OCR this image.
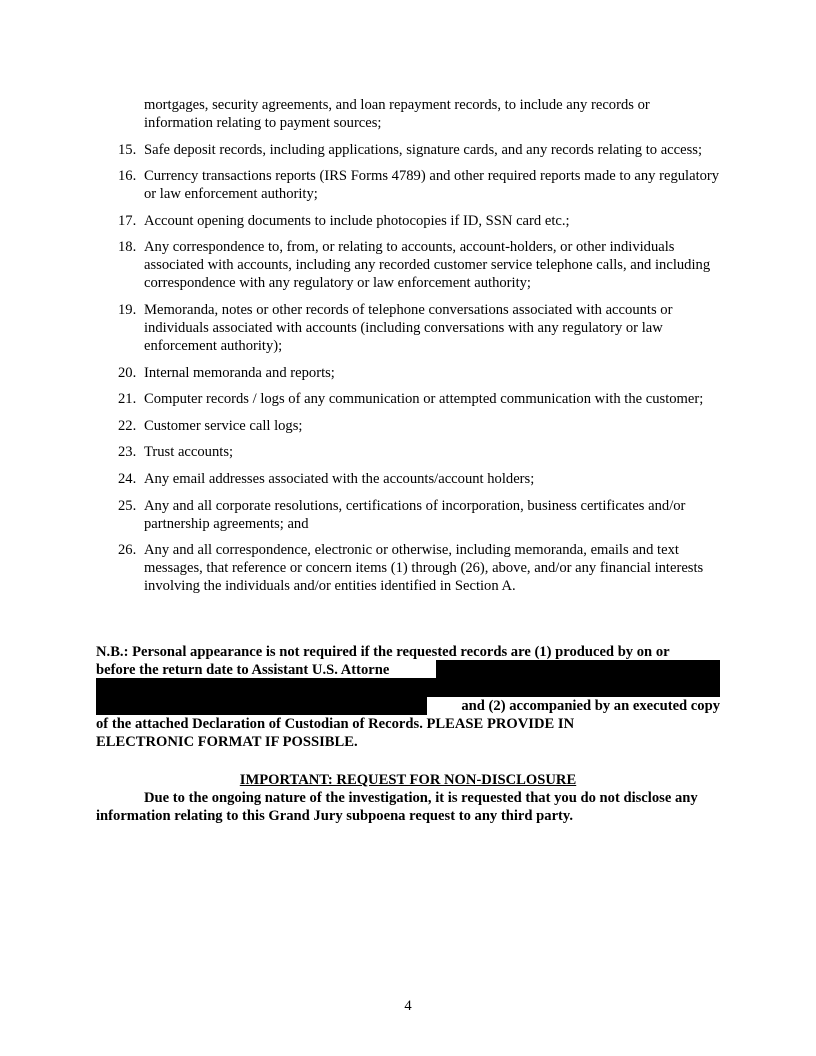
mortgages, security agreements, and loan repayment records, to include any records or information relating to payment sources;
15. Safe deposit records, including applications, signature cards, and any records relating to access;
16. Currency transactions reports (IRS Forms 4789) and other required reports made to any regulatory or law enforcement authority;
17. Account opening documents to include photocopies if ID, SSN card etc.;
18. Any correspondence to, from, or relating to accounts, account-holders, or other individuals associated with accounts, including any recorded customer service telephone calls, and including correspondence with any regulatory or law enforcement authority;
19. Memoranda, notes or other records of telephone conversations associated with accounts or individuals associated with accounts (including conversations with any regulatory or law enforcement authority);
20. Internal memoranda and reports;
21. Computer records / logs of any communication or attempted communication with the customer;
22. Customer service call logs;
23. Trust accounts;
24. Any email addresses associated with the accounts/account holders;
25. Any and all corporate resolutions, certifications of incorporation, business certificates and/or partnership agreements; and
26. Any and all correspondence, electronic or otherwise, including memoranda, emails and text messages, that reference or concern items (1) through (26), above, and/or any financial interests involving the individuals and/or entities identified in Section A.
N.B.: Personal appearance is not required if the requested records are (1) produced by on or
before the return date to Assistant U.S. Attorne
and (2) accompanied by an executed copy
of the attached Declaration of Custodian of Records. PLEASE PROVIDE IN
ELECTRONIC FORMAT IF POSSIBLE.
IMPORTANT: REQUEST FOR NON-DISCLOSURE
Due to the ongoing nature of the investigation, it is requested that you do not disclose any information relating to this Grand Jury subpoena request to any third party.
4
